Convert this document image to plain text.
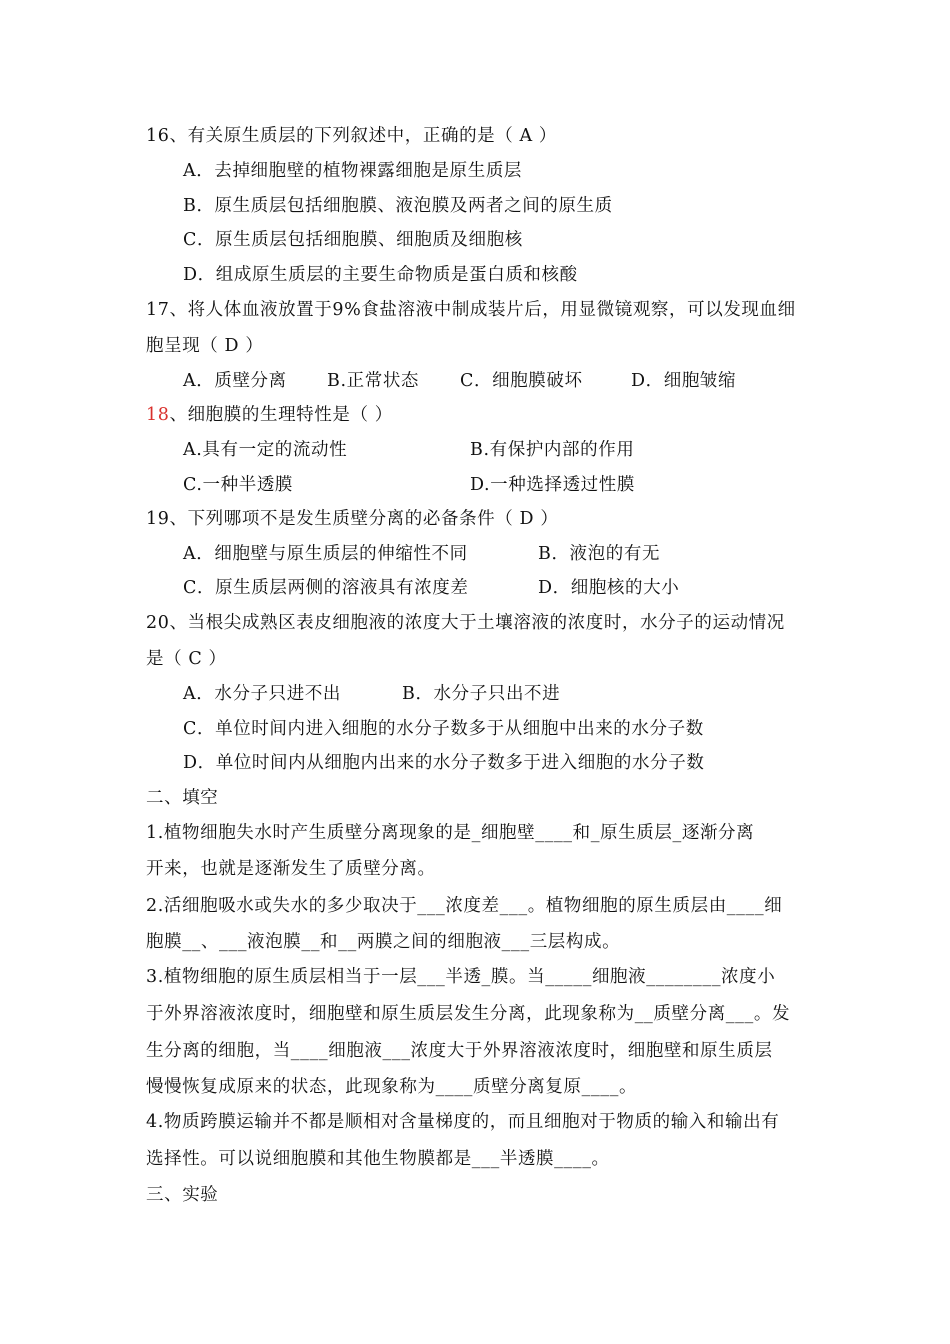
16、有关原生质层的下列叙述中，正确的是（ A ）
A．去掉细胞壁的植物裸露细胞是原生质层
B．原生质层包括细胞膜、液泡膜及两者之间的原生质
C．原生质层包括细胞膜、细胞质及细胞核
D．组成原生质层的主要生命物质是蛋白质和核酸
17、将人体血液放置于9%食盐溶液中制成装片后，用显微镜观察，可以发现血细
胞呈现（ D ）
A．质壁分离 B.正常状态 C．细胞膜破坏	D．细胞皱缩
18、细胞膜的生理特性是（ ）
A.具有一定的流动性	B.有保护内部的作用
C.一种半透膜	D.一种选择透过性膜
19、下列哪项不是发生质壁分离的必备条件（ D ）
A．细胞壁与原生质层的伸缩性不同	B．液泡的有无
C．原生质层两侧的溶液具有浓度差	D．细胞核的大小
20、当根尖成熟区表皮细胞液的浓度大于土壤溶液的浓度时，水分子的运动情况
是（ C ）
A．水分子只进不出	B．水分子只出不进
C．单位时间内进入细胞的水分子数多于从细胞中出来的水分子数
D．单位时间内从细胞内出来的水分子数多于进入细胞的水分子数
二、填空
1.植物细胞失水时产生质壁分离现象的是_细胞壁____和_原生质层_逐渐分离
开来，也就是逐渐发生了质壁分离。
2.活细胞吸水或失水的多少取决于___浓度差___。植物细胞的原生质层由____细
胞膜__、___液泡膜__和__两膜之间的细胞液___三层构成。
3.植物细胞的原生质层相当于一层___半透_膜。当_____细胞液________浓度小
于外界溶液浓度时，细胞壁和原生质层发生分离，此现象称为__质壁分离___。发
生分离的细胞，当____细胞液___浓度大于外界溶液浓度时，细胞壁和原生质层
慢慢恢复成原来的状态，此现象称为____质壁分离复原____。
4.物质跨膜运输并不都是顺相对含量梯度的，而且细胞对于物质的输入和输出有
选择性。可以说细胞膜和其他生物膜都是___半透膜____。
三、实验
